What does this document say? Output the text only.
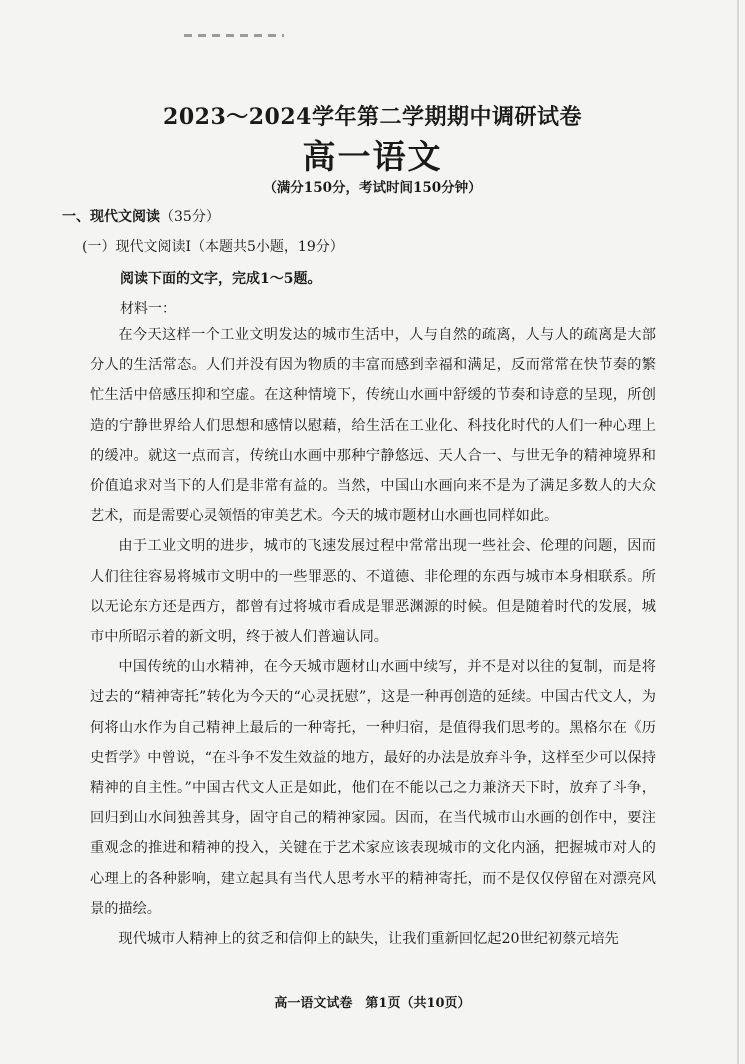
2023～2024学年第二学期期中调研试卷
高一语文
（满分150分，考试时间150分钟）
一、现代文阅读（35分）
(一）现代文阅读Ⅰ（本题共5小题，19分）
阅读下面的文字，完成1～5题。
材料一：

在今天这样一个工业文明发达的城市生活中，人与自然的疏离，人与人的疏离是大部分人的生活常态。人们并没有因为物质的丰富而感到幸福和满足，反而常常在快节奏的繁忙生活中倍感压抑和空虚。在这种情境下，传统山水画中舒缓的节奏和诗意的呈现，所创造的宁静世界给人们思想和感情以慰藉，给生活在工业化、科技化时代的人们一种心理上的缓冲。就这一点而言，传统山水画中那种宁静悠远、天人合一、与世无争的精神境界和价值追求对当下的人们是非常有益的。当然，中国山水画向来不是为了满足多数人的大众艺术，而是需要心灵领悟的审美艺术。今天的城市题材山水画也同样如此。

由于工业文明的进步，城市的飞速发展过程中常常出现一些社会、伦理的问题，因而人们往往容易将城市文明中的一些罪恶的、不道德、非伦理的东西与城市本身相联系。所以无论东方还是西方，都曾有过将城市看成是罪恶渊源的时候。但是随着时代的发展，城市中所昭示着的新文明，终于被人们普遍认同。

中国传统的山水精神，在今天城市题材山水画中续写，并不是对以往的复制，而是将过去的“精神寄托”转化为今天的“心灵抚慰”，这是一种再创造的延续。中国古代文人，为何将山水作为自己精神上最后的一种寄托，一种归宿，是值得我们思考的。黑格尔在《历史哲学》中曾说，“在斗争不发生效益的地方，最好的办法是放弃斗争，这样至少可以保持精神的自主性。”中国古代文人正是如此，他们在不能以己之力兼济天下时，放弃了斗争，回归到山水间独善其身，固守自己的精神家园。因而，在当代城市山水画的创作中，要注重观念的推进和精神的投入，关键在于艺术家应该表现城市的文化内涵，把握城市对人的心理上的各种影响，建立起具有当代人思考水平的精神寄托，而不是仅仅停留在对漂亮风景的描绘。

现代城市人精神上的贫乏和信仰上的缺失，让我们重新回忆起20世纪初蔡元培先

高一语文试卷　第1页（共10页）
